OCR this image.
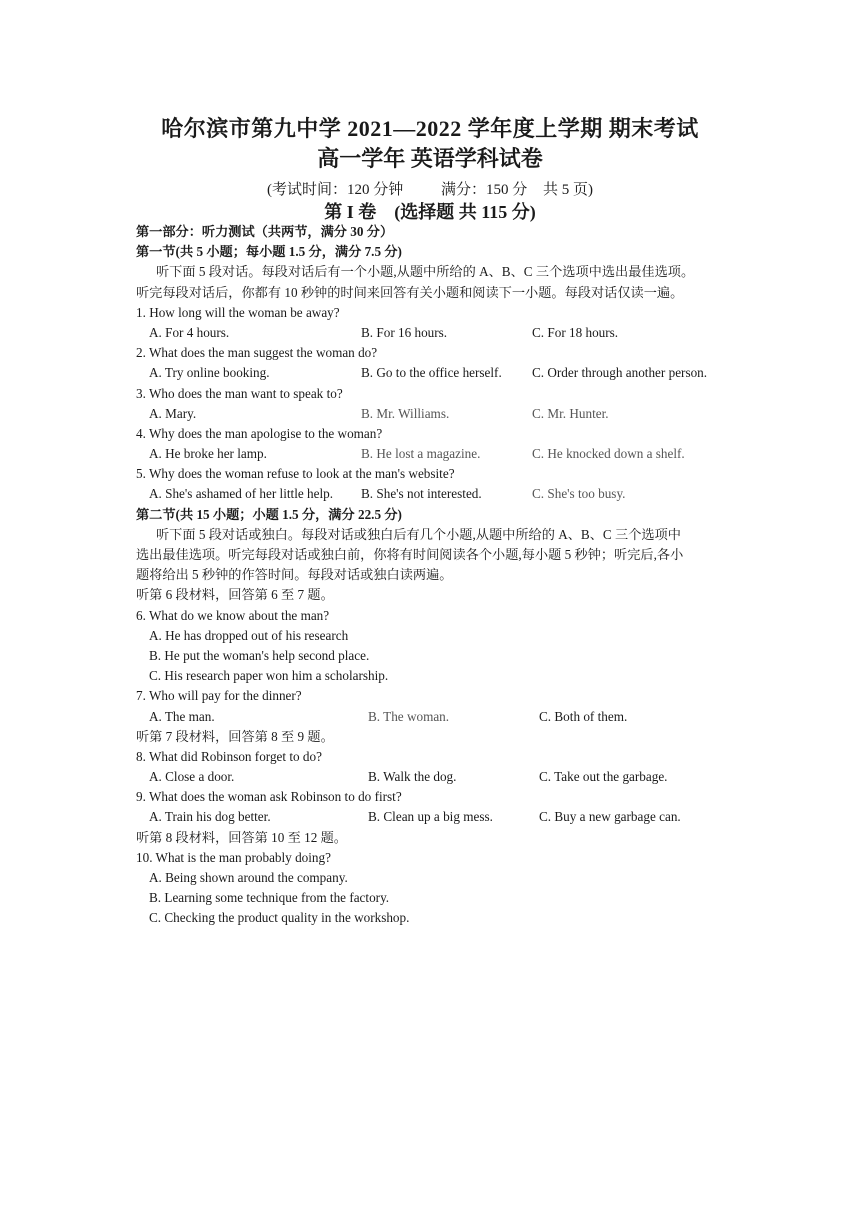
哈尔滨市第九中学 2021—2022 学年度上学期 期末考试
高一学年 英语学科试卷
(考试时间：120 分钟	满分：150 分 共 5 页)
第 I 卷　(选择题 共 115 分)
第一部分：听力测试（共两节，满分 30 分）
第一节(共 5 小题；每小题 1.5 分，满分 7.5 分)
听下面 5 段对话。每段对话后有一个小题,从题中所给的 A、B、C 三个选项中选出最佳选项。
听完每段对话后，你都有 10 秒钟的时间来回答有关小题和阅读下一小题。每段对话仅读一遍。
1. How long will the woman be away?
A. For 4 hours.	B. For 16 hours.	C. For 18 hours.
2. What does the man suggest the woman do?
A. Try online booking.	B. Go to the office herself. C. Order through another person.
3. Who does the man want to speak to?
A. Mary.	B. Mr. Williams.	C. Mr. Hunter.
4. Why does the man apologise to the woman?
A. He broke her lamp.	B. He lost a magazine.	C. He knocked down a shelf.
5. Why does the woman refuse to look at the man's website?
A. She's ashamed of her little help. B. She's not interested.	C. She's too busy.
第二节(共 15 小题；小题 1.5 分，满分 22.5 分)
听下面 5 段对话或独白。每段对话或独白后有几个小题,从题中所给的 A、B、C 三个选项中
选出最佳选项。听完每段对话或独白前，你将有时间阅读各个小题,每小题 5 秒钟；听完后,各小
题将给出 5 秒钟的作答时间。每段对话或独白读两遍。
听第 6 段材料，回答第 6 至 7 题。
6. What do we know about the man?
A. He has dropped out of his research
B. He put the woman's help second place.
C. His research paper won him a scholarship.
7. Who will pay for the dinner?
A. The man.	B. The woman.	C. Both of them.
听第 7 段材料，回答第 8 至 9 题。
8. What did Robinson forget to do?
A. Close a door.	B. Walk the dog.	C. Take out the garbage.
9. What does the woman ask Robinson to do first?
A. Train his dog better.	B. Clean up a big mess.	C. Buy a new garbage can.
听第 8 段材料，回答第 10 至 12 题。
10. What is the man probably doing?
A. Being shown around the company.
B. Learning some technique from the factory.
C. Checking the product quality in the workshop.
